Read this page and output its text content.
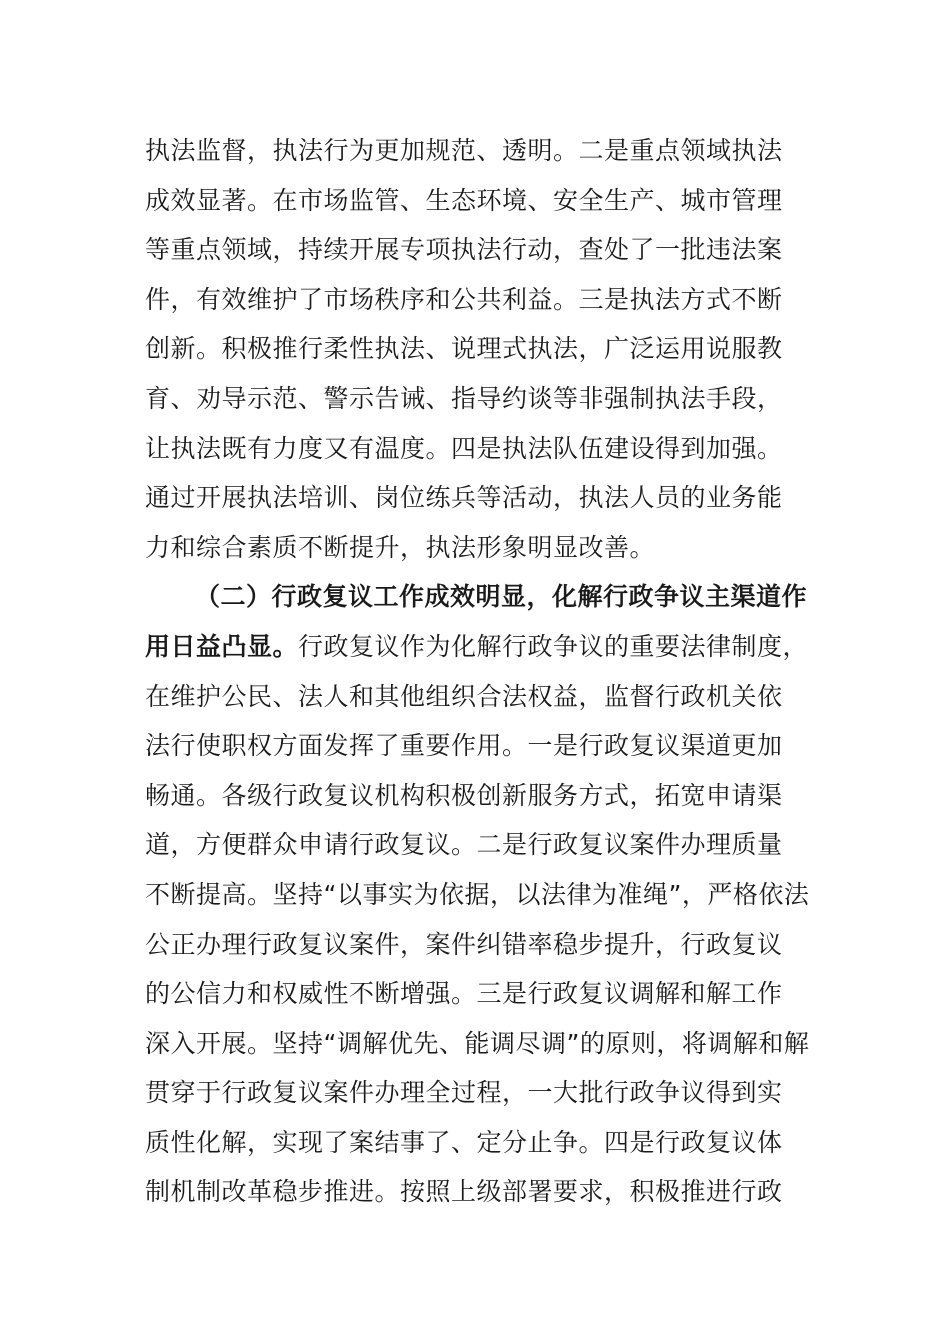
执法监督，执法行为更加规范、透明。二是重点领域执法
成效显著。在市场监管、生态环境、安全生产、城市管理
等重点领域，持续开展专项执法行动，查处了一批违法案
件，有效维护了市场秩序和公共利益。三是执法方式不断
创新。积极推行柔性执法、说理式执法，广泛运用说服教
育、劝导示范、警示告诫、指导约谈等非强制执法手段，
让执法既有力度又有温度。四是执法队伍建设得到加强。
通过开展执法培训、岗位练兵等活动，执法人员的业务能
力和综合素质不断提升，执法形象明显改善。
（二）行政复议工作成效明显，化解行政争议主渠道作
用日益凸显。行政复议作为化解行政争议的重要法律制度，
在维护公民、法人和其他组织合法权益，监督行政机关依
法行使职权方面发挥了重要作用。一是行政复议渠道更加
畅通。各级行政复议机构积极创新服务方式，拓宽申请渠
道，方便群众申请行政复议。二是行政复议案件办理质量
不断提高。坚持“以事实为依据，以法律为准绳”，严格依法
公正办理行政复议案件，案件纠错率稳步提升，行政复议
的公信力和权威性不断增强。三是行政复议调解和解工作
深入开展。坚持“调解优先、能调尽调”的原则，将调解和解
贯穿于行政复议案件办理全过程，一大批行政争议得到实
质性化解，实现了案结事了、定分止争。四是行政复议体
制机制改革稳步推进。按照上级部署要求，积极推进行政
